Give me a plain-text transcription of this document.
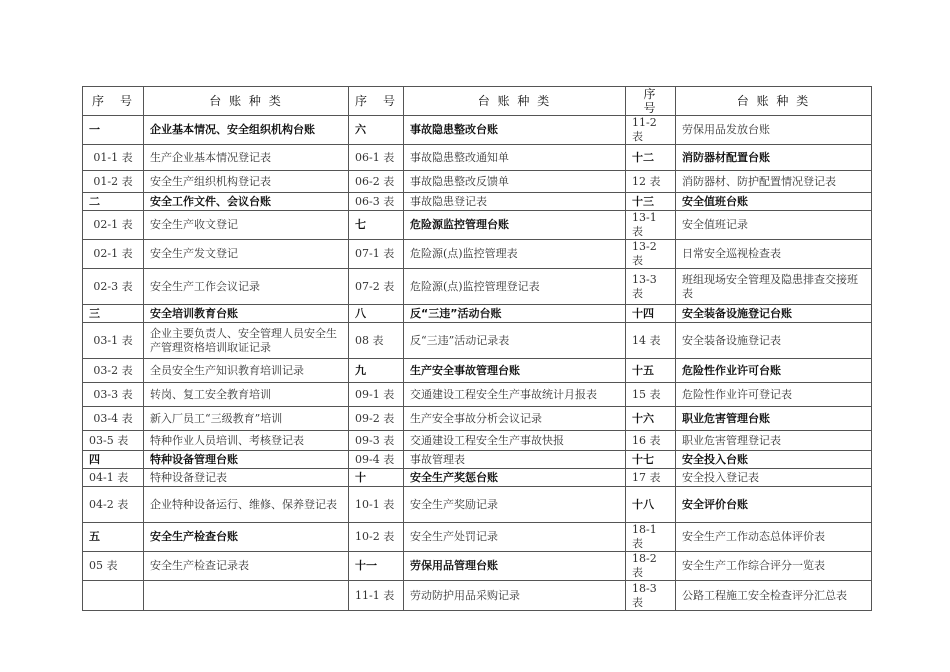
序　号	台 账 种 类	序　号	台 账 种 类	序　号	台 账 种 类
一	企业基本情况、安全组织机构台账	六	事故隐患整改台账	11-2 表	劳保用品发放台账
01-1 表	生产企业基本情况登记表	06-1 表	事故隐患整改通知单	十二	消防器材配置台账
01-2 表	安全生产组织机构登记表	06-2 表	事故隐患整改反馈单	12 表	消防器材、防护配置情况登记表
二	安全工作文件、会议台账	06-3 表	事故隐患登记表	十三	安全值班台账
02-1 表	安全生产收文登记	七	危险源监控管理台账	13-1 表	安全值班记录
02-1 表	安全生产发文登记	07-1 表	危险源(点)监控管理表	13-2 表	日常安全巡视检查表
02-3 表	安全生产工作会议记录	07-2 表	危险源(点)监控管理登记表	13-3 表	班组现场安全管理及隐患排查交接班表
三	安全培训教育台账	八	反“三违”活动台账	十四	安全装备设施登记台账
03-1 表	企业主要负责人、安全管理人员安全生产管理资格培训取证记录	08 表	反“三违”活动记录表	14 表	安全装备设施登记表
03-2 表	全员安全生产知识教育培训记录	九	生产安全事故管理台账	十五	危险性作业许可台账
03-3 表	转岗、复工安全教育培训	09-1 表	交通建设工程安全生产事故统计月报表	15 表	危险性作业许可登记表
03-4 表	新入厂员工“三级教育”培训	09-2 表	生产安全事故分析会议记录	十六	职业危害管理台账
03-5 表	特种作业人员培训、考核登记表	09-3 表	交通建设工程安全生产事故快报	16 表	职业危害管理登记表
四	特种设备管理台账	09-4 表	事故管理表	十七	安全投入台账
04-1 表	特种设备登记表	十	安全生产奖惩台账	17 表	安全投入登记表
04-2 表	企业特种设备运行、维修、保养登记表	10-1 表	安全生产奖励记录	十八	安全评价台账
五	安全生产检查台账	10-2 表	安全生产处罚记录	18-1 表	安全生产工作动态总体评价表
05 表	安全生产检查记录表	十一	劳保用品管理台账	18-2 表	安全生产工作综合评分一览表
		11-1 表	劳动防护用品采购记录	18-3 表	公路工程施工安全检查评分汇总表
